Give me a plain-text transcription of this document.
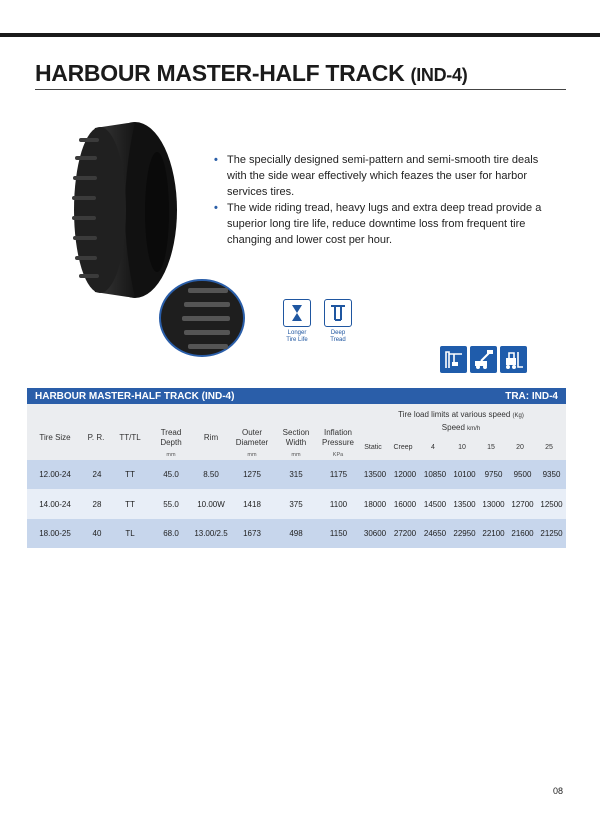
HARBOUR MASTER-HALF TRACK (IND-4)
• The specially designed semi-pattern and semi-smooth tire deals with the side wear effectively which feazes the user for harbor services tires.
• The wide riding tread, heavy lugs and extra deep tread provide a superior long tire life, reduce downtime loss from frequent tire changing and lower cost per hour.
Longer
Tire Life
Deep
Tread
HARBOUR MASTER-HALF TRACK (IND-4)	TRA: IND-4
Tire Size	P. R.	TT/TL
Tread
Depth
mm
Rim
Outer
Diameter
mm
Section
Width
mm
Inflation
Pressure
KPa
Tire load limits at various speed (Kg)
Speed km/h
Static	Creep	4	10	15	20	25
12.00-24	24	TT	45.0	8.50	1275	315	1175	13500	12000	10850	10100	9750	9500	9350
14.00-24	28	TT	55.0	10.00W	1418	375	1100	18000	16000	14500	13500	13000	12700	12500
18.00-25	40	TL	68.0	13.00/2.5	1673	498	1150	30600	27200	24650	22950	22100	21600	21250
08
